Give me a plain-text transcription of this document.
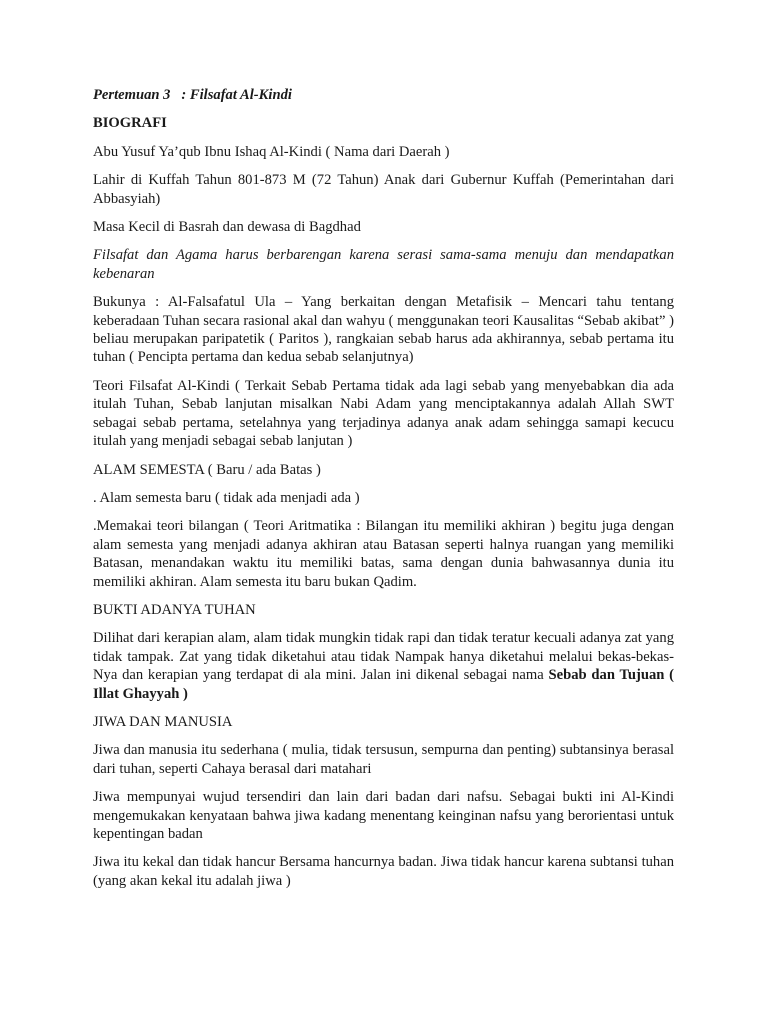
Pertemuan 3   : Filsafat Al-Kindi

BIOGRAFI

Abu Yusuf Ya’qub Ibnu Ishaq Al-Kindi ( Nama dari Daerah )

Lahir di Kuffah Tahun 801-873 M (72 Tahun) Anak dari Gubernur Kuffah (Pemerintahan dari Abbasyiah)

Masa Kecil di Basrah dan dewasa di Bagdhad

Filsafat dan Agama harus berbarengan karena serasi sama-sama menuju dan mendapatkan kebenaran

Bukunya : Al-Falsafatul Ula – Yang berkaitan dengan Metafisik – Mencari tahu tentang keberadaan Tuhan secara rasional akal dan wahyu ( menggunakan teori Kausalitas “Sebab akibat” ) beliau merupakan paripatetik ( Paritos ), rangkaian sebab harus ada akhirannya, sebab pertama itu tuhan ( Pencipta pertama dan kedua sebab selanjutnya)

Teori Filsafat Al-Kindi ( Terkait Sebab Pertama tidak ada lagi sebab yang menyebabkan dia ada itulah Tuhan, Sebab lanjutan misalkan Nabi Adam yang menciptakannya adalah Allah SWT sebagai sebab pertama, setelahnya yang terjadinya adanya anak adam sehingga samapi kecucu itulah yang menjadi sebagai sebab lanjutan )

ALAM SEMESTA ( Baru / ada Batas )

. Alam semesta baru ( tidak ada menjadi ada )

.Memakai teori bilangan ( Teori Aritmatika : Bilangan itu memiliki akhiran ) begitu juga dengan alam semesta yang menjadi adanya akhiran atau Batasan seperti halnya ruangan yang memiliki Batasan, menandakan waktu itu memiliki batas, sama dengan dunia bahwasannya dunia itu memiliki akhiran. Alam semesta itu baru bukan Qadim.

BUKTI ADANYA TUHAN

Dilihat dari kerapian alam, alam tidak mungkin tidak rapi dan tidak teratur kecuali adanya zat yang tidak tampak. Zat yang tidak diketahui atau tidak Nampak hanya diketahui melalui bekas-bekas-Nya dan kerapian yang terdapat di ala mini. Jalan ini dikenal sebagai nama Sebab dan Tujuan ( Illat Ghayyah )

JIWA DAN MANUSIA

Jiwa dan manusia itu sederhana ( mulia, tidak tersusun, sempurna dan penting) subtansinya berasal dari tuhan, seperti Cahaya berasal dari matahari

Jiwa mempunyai wujud tersendiri dan lain dari badan dari nafsu. Sebagai bukti ini Al-Kindi mengemukakan kenyataan bahwa jiwa kadang menentang keinginan nafsu yang berorientasi untuk kepentingan badan

Jiwa itu kekal dan tidak hancur Bersama hancurnya badan. Jiwa tidak hancur karena subtansi tuhan (yang akan kekal itu adalah jiwa )
